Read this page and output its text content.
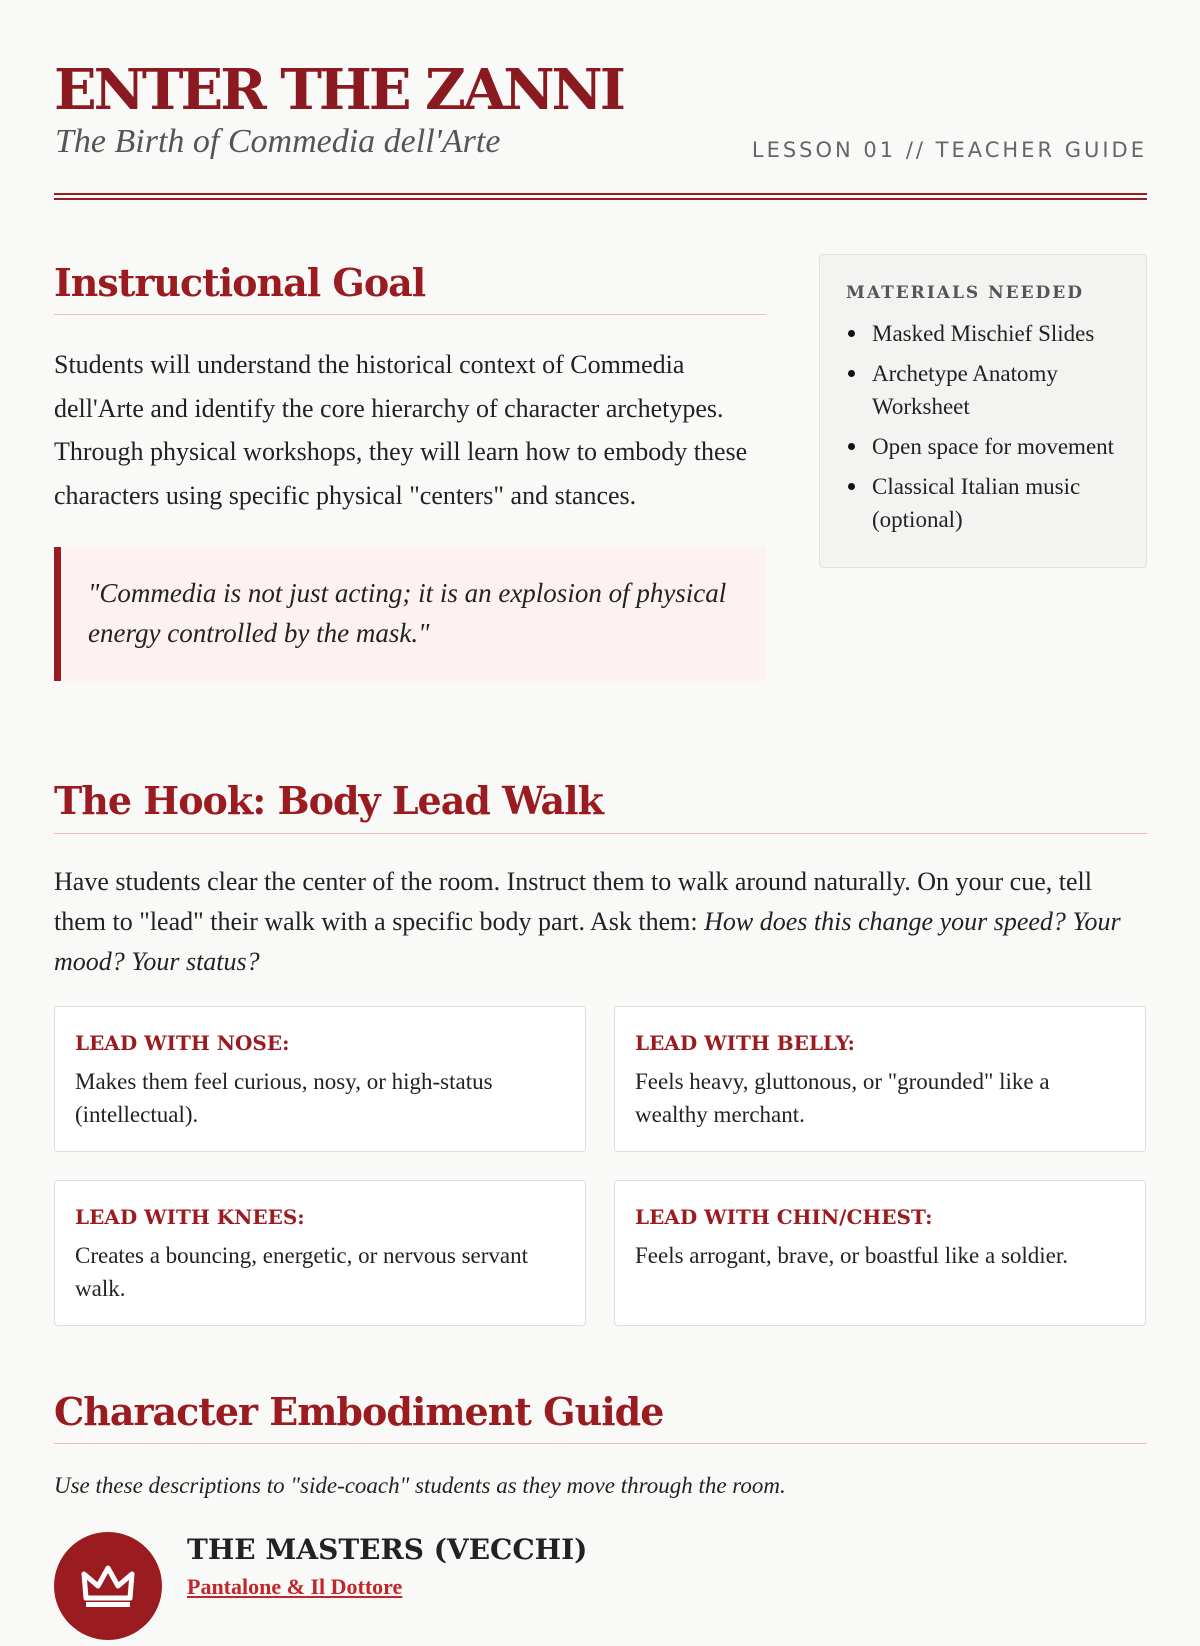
ENTER THE ZANNI
The Birth of Commedia dell'Arte	LESSON 01 // TEACHER GUIDE
Instructional Goal

Students will understand the historical context of Commedia dell'Arte and identify the core hierarchy of character archetypes. Through physical workshops, they will learn how to embody these characters using specific physical "centers" and stances.

"Commedia is not just acting; it is an explosion of physical energy controlled by the mask."
MATERIALS NEEDED
Masked Mischief Slides
Archetype Anatomy Worksheet
Open space for movement
Classical Italian music (optional)
The Hook: Body Lead Walk

Have students clear the center of the room. Instruct them to walk around naturally. On your cue, tell them to "lead" their walk with a specific body part. Ask them: How does this change your speed? Your mood? Your status?

LEAD WITH NOSE:
Makes them feel curious, nosy, or high-status (intellectual).
LEAD WITH BELLY:
Feels heavy, gluttonous, or "grounded" like a wealthy merchant.
LEAD WITH KNEES:
Creates a bouncing, energetic, or nervous servant walk.
LEAD WITH CHIN/CHEST:
Feels arrogant, brave, or boastful like a soldier.
Character Embodiment Guide

Use these descriptions to "side-coach" students as they move through the room.

THE MASTERS (VECCHI)
Pantalone & Il Dottore
